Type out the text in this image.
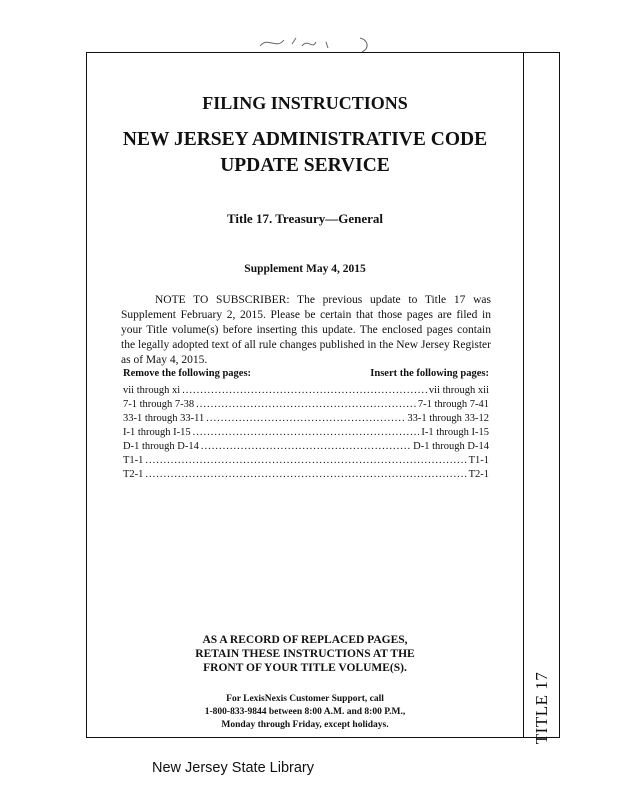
FILING INSTRUCTIONS
NEW JERSEY ADMINISTRATIVE CODE
UPDATE SERVICE
Title 17. Treasury—General
Supplement May 4, 2015

NOTE TO SUBSCRIBER: The previous update to Title 17 was Supplement February 2, 2015. Please be certain that those pages are filed in your Title volume(s) before inserting this update. The enclosed pages contain the legally adopted text of all rule changes published in the New Jersey Register as of May 4, 2015.

Remove the following pages:	Insert the following pages:
vii through xi .....	vii through xii
7-1 through 7-38 .....	7-1 through 7-41
33-1 through 33-11 .....	33-1 through 33-12
I-1 through I-15 .....	I-1 through I-15
D-1 through D-14 .....	D-1 through D-14
T1-1 .....	T1-1
T2-1 .....	T2-1
AS A RECORD OF REPLACED PAGES,
RETAIN THESE INSTRUCTIONS AT THE
FRONT OF YOUR TITLE VOLUME(S).
For LexisNexis Customer Support, call
1-800-833-9844 between 8:00 A.M. and 8:00 P.M.,
Monday through Friday, except holidays.	TITLE 17
New Jersey State Library
